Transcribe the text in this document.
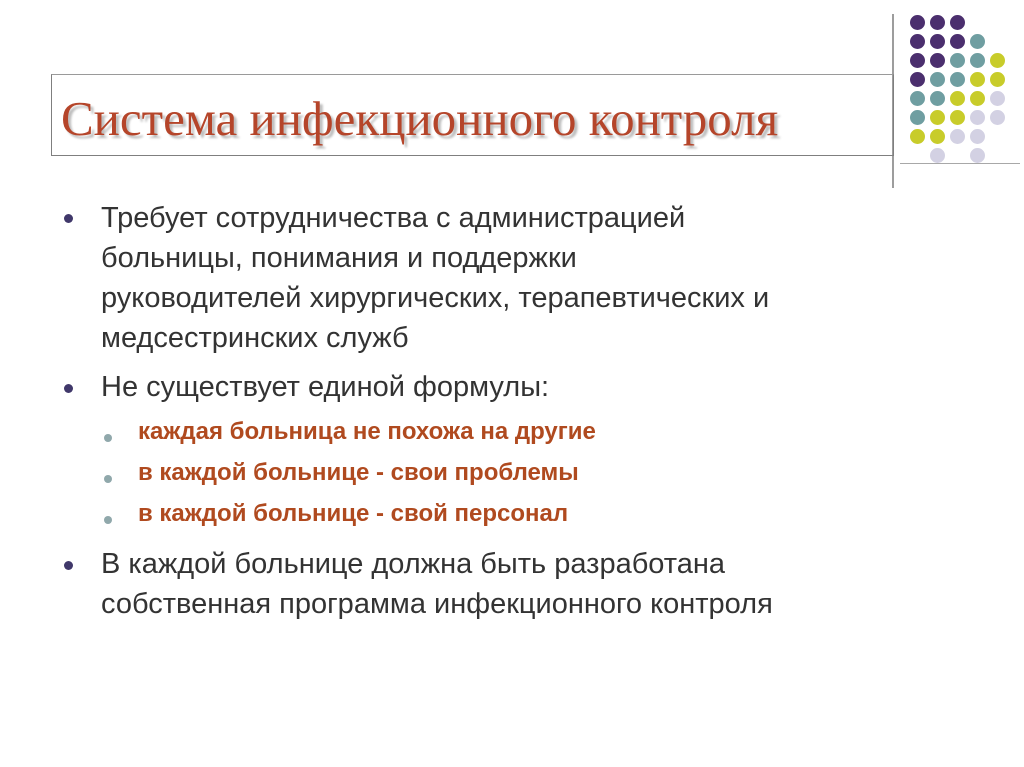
Система инфекционного контроля
Требует сотрудничества с администрацией
больницы, понимания и поддержки
руководителей хирургических, терапевтических и
медсестринских служб
Не существует единой формулы:
каждая больница не похожа на другие
в каждой больнице - свои проблемы
в каждой больнице - свой персонал
В каждой больнице должна быть разработана
собственная программа инфекционного контроля
